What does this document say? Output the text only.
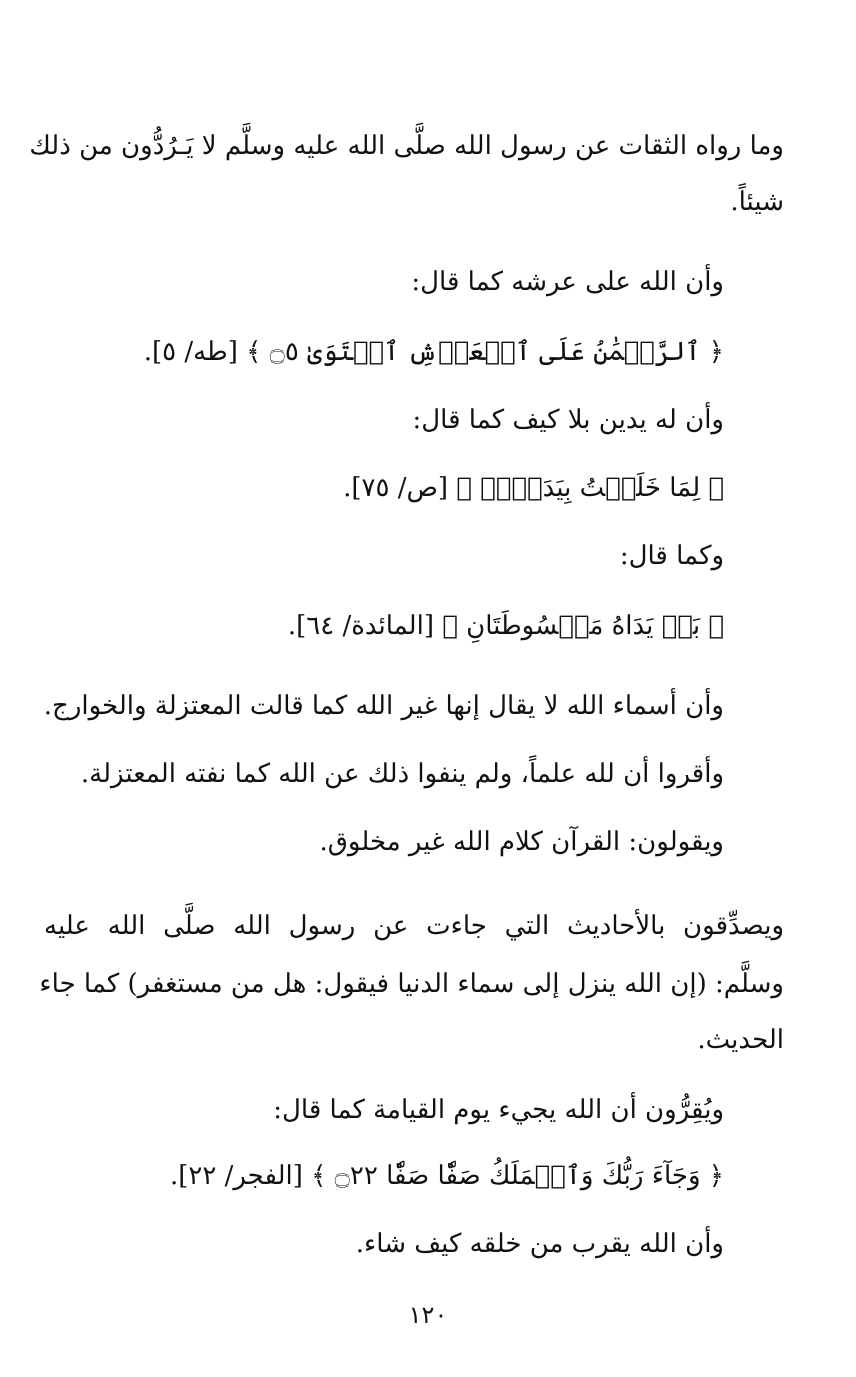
وما رواه الثقات عن رسول الله صلَّى الله عليه وسلَّم لا يَـرُدُّون من ذلك

شيئاً.

وأن الله على عرشه كما قال:

﴿ ٱلرَّحۡمَٰنُ عَلَى ٱلۡعَرۡشِ ٱسۡتَوَىٰ ۝٥ ﴾ [طه/ ٥].

وأن له يدين بلا كيف كما قال:

﴿ لِمَا خَلَقۡتُ بِيَدَيَّۖ ﴾ [ص/ ٧٥].

وكما قال:

﴿ بَلۡ يَدَاهُ مَبۡسُوطَتَانِ ﴾ [المائدة/ ٦٤].

وأن أسماء الله لا يقال إنها غير الله كما قالت المعتزلة والخوارج.

وأقروا أن لله علماً، ولم ينفوا ذلك عن الله كما نفته المعتزلة.

ويقولون: القرآن كلام الله غير مخلوق.

ويصدِّقون بالأحاديث التي جاءت عن رسول الله صلَّى الله عليه

وسلَّم: (إن الله ينزل إلى سماء الدنيا فيقول: هل من مستغفر) كما جاء

الحديث.

ويُقِرُّون أن الله يجيء يوم القيامة كما قال:

﴿ وَجَآءَ رَبُّكَ وَٱلۡمَلَكُ صَفّٗا صَفّٗا ۝٢٢ ﴾ [الفجر/ ٢٢].

وأن الله يقرب من خلقه كيف شاء.

١٢٠
